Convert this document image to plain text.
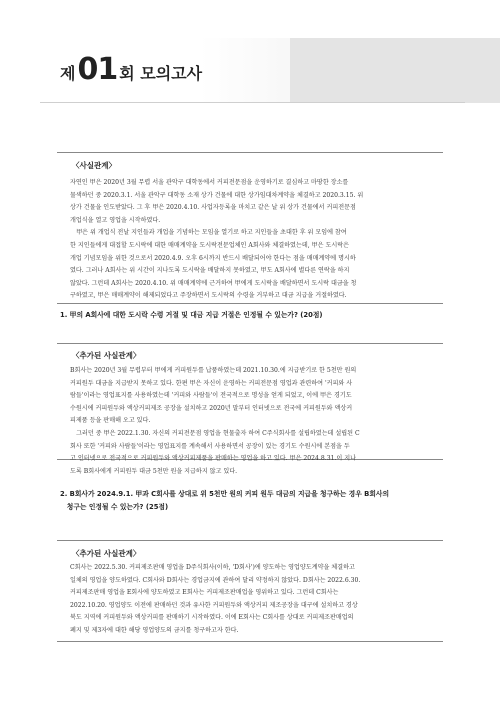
제01 회 모의고사
〈사실관계〉
자연인 甲은 2020년 3월 무렵 서울 관악구 대학동에서 커피전문점을 운영하기로 결심하고 마땅한 장소를
물색하던 중 2020.3.1. 서울 관악구 대학동 소재 상가 건물에 대한 상가임대차계약을 체결하고 2020.3.15. 위
상가 건물을 인도받았다. 그 후 甲은 2020.4.10. 사업자등록을 마치고 같은 날 위 상가 건물에서 커피전문점
개업식을 열고 영업을 시작하였다.
　甲은 위 개업식 전날 지인들과 개업을 기념하는 모임을 열기로 하고 지인들을 초대한 후 위 모임에 참여
한 지인들에게 대접할 도시락에 대한 매매계약을 도시락전문업체인 A회사와 체결하였는데, 甲은 도시락은
개업 기념모임을 위한 것으로서 2020.4.9. 오후 6시까지 반드시 배달되어야 한다는 점을 매매계약에 명시하
였다. 그러나 A회사는 위 시간이 지나도록 도시락을 배달하지 못하였고, 甲도 A회사에 별다른 연락을 하지
않았다. 그런데 A회사는 2020.4.10. 위 매매계약에 근거하여 甲에게 도시락을 배달하면서 도시락 대금을 청
구하였고, 甲은 매매계약이 해제되었다고 주장하면서 도시락의 수령을 거부하고 대금 지급을 거절하였다.
1. 甲의 A회사에 대한 도시락 수령 거절 및 대금 지급 거절은 인정될 수 있는가? (20점)
〈추가된 사실관계〉
B회사는 2020년 3월 무렵부터 甲에게 커피원두를 납품하였는데 2021.10.30.에 지급받기로 한 5천만 원의
커피원두 대금을 지급받지 못하고 있다. 한편 甲은 자신이 운영하는 커피전문점 영업과 관련하여 '커피와 사
람들'이라는 영업표지를 사용하였는데 '커피와 사람들'이 전국적으로 명성을 얻게 되었고, 이에 甲은 경기도
수원시에 커피원두와 액상커피제조 공장을 설치하고 2020년 말부터 인터넷으로 전국에 커피원두와 액상커
피제품 등을 판매해 오고 있다.
　그러던 중 甲은 2022.1.30. 자신의 커피전문점 영업을 현물출자 하여 C주식회사를 설립하였는데 설립된 C
회사 또한 '커피와 사람들'이라는 영업표지를 계속해서 사용하면서 공장이 있는 경기도 수원시에 본점을 두
고 인터넷으로 전국적으로 커피원두와 액상커피제품을 판매하는 영업을 하고 있다. 甲은 2024.8.31.이 지나
도록 B회사에게 커피원두 대금 5천만 원을 지급하지 않고 있다.
2. B회사가 2024.9.1. 甲과 C회사를 상대로 위 5천만 원의 커피 원두 대금의 지급을 청구하는 경우 B회사의
　청구는 인정될 수 있는가? (25점)
〈추가된 사실관계〉
C회사는 2022.5.30. 커피제조판매 영업을 D주식회사(이하, 'D회사')에 양도하는 영업양도계약을 체결하고
일체의 영업을 양도하였다. C회사와 D회사는 경업금지에 관하여 달리 약정하지 않았다. D회사는 2022.6.30.
커피제조판매 영업을 E회사에 양도하였고 E회사는 커피제조판매업을 영위하고 있다. 그런데 C회사는
2022.10.20. 영업양도 이전에 판매하던 것과 유사한 커피원두와 액상커피 제조공장을 대구에 설치하고 경상
북도 지역에 커피원두와 액상커피를 판매하기 시작하였다. 이에 E회사는 C회사를 상대로 커피제조판매업의
폐지 및 제3자에 대한 해당 영업양도의 금지를 청구하고자 한다.
